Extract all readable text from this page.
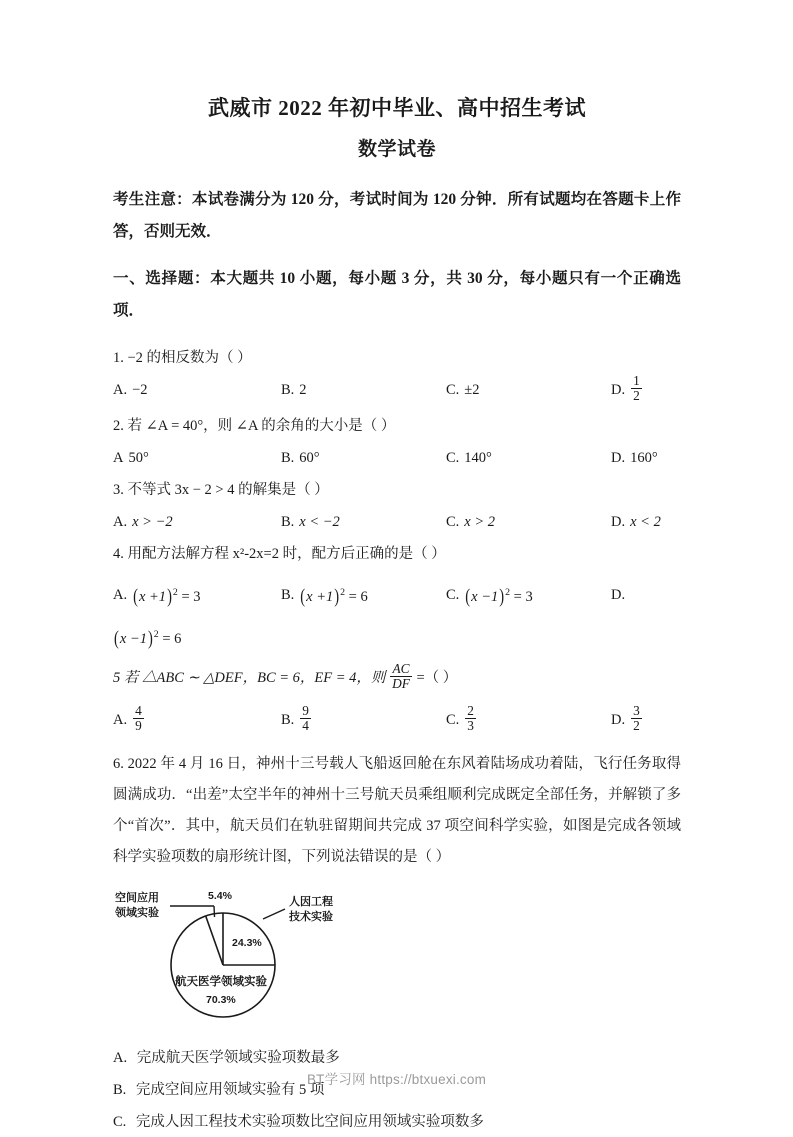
武威市 2022 年初中毕业、高中招生考试
数学试卷

考生注意：本试卷满分为 120 分，考试时间为 120 分钟．所有试题均在答题卡上作答，否则无效．

一、选择题：本大题共 10 小题，每小题 3 分，共 30 分，每小题只有一个正确选项．

1. −2 的相反数为（ ）
A. −2	B. 2	C. ±2	D. $\frac{1}{2}$
2. 若 ∠A = 40°，则 ∠A 的余角的大小是（ ）
A 50°	B. 60°	C. 140°	D. 160°
3. 不等式 3x − 2 > 4 的解集是（ ）
A. x > −2	B. x < −2	C. x > 2	D. x < 2
4. 用配方法解方程 x²-2x=2 时，配方后正确的是（ ）
A. $(x +1)^2 = 3$	B. $(x +1)^2 = 6$	C. $(x -1)^2 = 3$	D.
$(x -1)^2 = 6$
5 若 △ABC ∼ △DEF，BC = 6，EF = 4，则 $\frac{AC}{DF}$ =（ ）
A. $\frac{4}{9}$	B. $\frac{9}{4}$	C. $\frac{2}{3}$	D. $\frac{3}{2}$
6. 2022 年 4 月 16 日，神州十三号载人飞船返回舱在东风着陆场成功着陆，飞行任务取得圆满成功．“出差”太空半年的神州十三号航天员乘组顺利完成既定全部任务，并解锁了多个“首次”．其中，航天员们在轨驻留期间共完成 37 项空间科学实验，如图是完成各领域科学实验项数的扇形统计图，下列说法错误的是（ ）
空间应用
领域实验
人因工程
技术实验
5.4%
24.3%
航天医学领域实验
70.3%
A. 完成航天医学领域实验项数最多
B. 完成空间应用领域实验有 5 项
C. 完成人因工程技术实验项数比空间应用领域实验项数多
BT学习网 https://btxuexi.com
